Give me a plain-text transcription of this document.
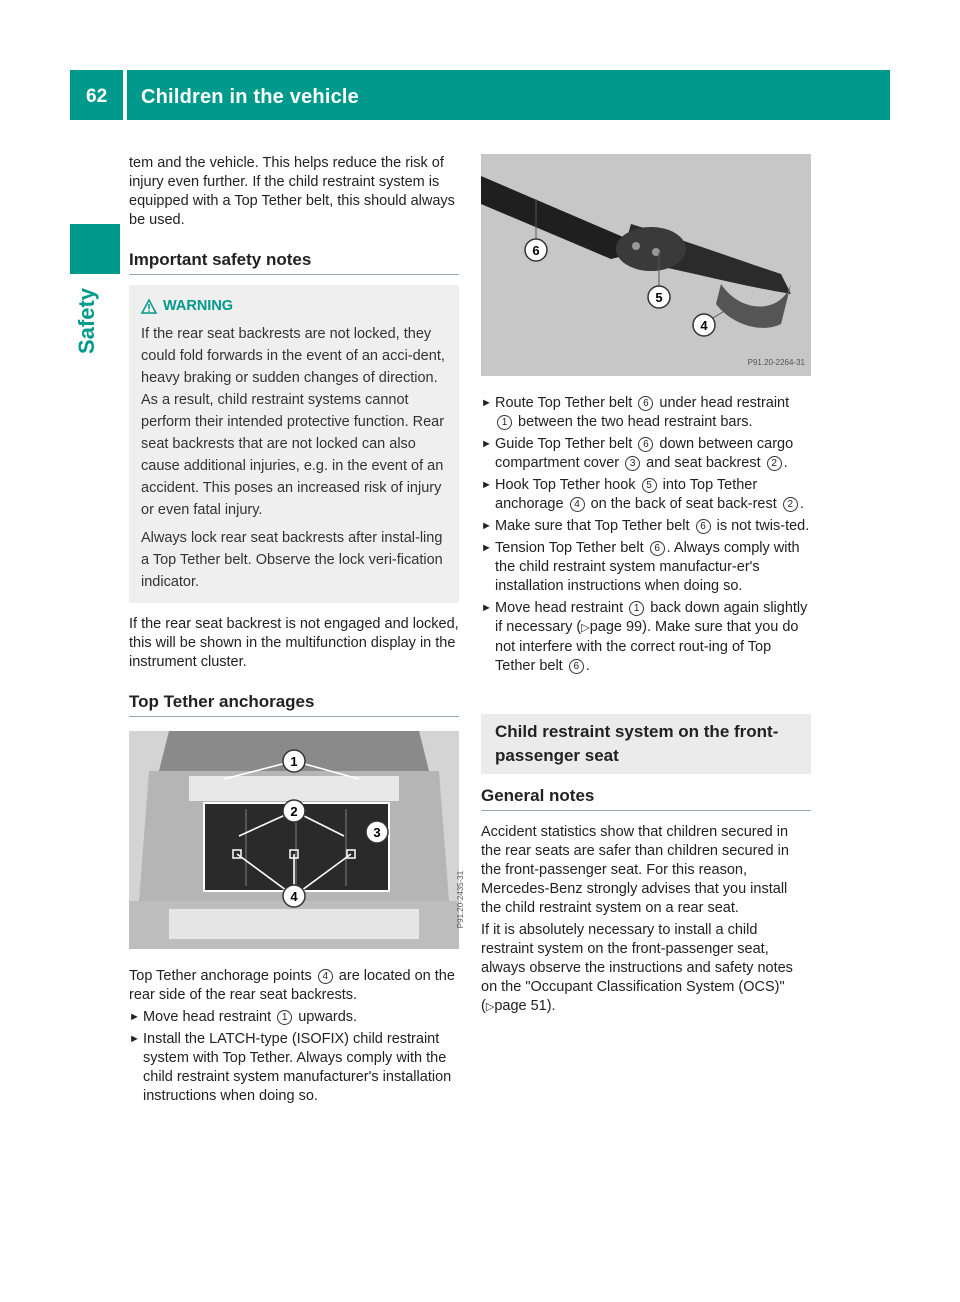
62 Children in the vehicle
Safety

tem and the vehicle. This helps reduce the risk of injury even further. If the child restraint system is equipped with a Top Tether belt, this should always be used.

Important safety notes
WARNING

If the rear seat backrests are not locked, they could fold forwards in the event of an acci-dent, heavy braking or sudden changes of direction. As a result, child restraint systems cannot perform their intended protective function. Rear seat backrests that are not locked can also cause additional injuries, e.g. in the event of an accident. This poses an increased risk of injury or even fatal injury.

Always lock rear seat backrests after instal-ling a Top Tether belt. Observe the lock veri-fication indicator.

If the rear seat backrest is not engaged and locked, this will be shown in the multifunction display in the instrument cluster.

Top Tether anchorages
1
2
3
4	P91.20-2435-31

Top Tether anchorage points 4 are located on the rear side of the rear seat backrests.

► Move head restraint 1 upwards.
► Install the LATCH-type (ISOFIX) child restraint system with Top Tether. Always comply with the child restraint system manufacturer's installation instructions when doing so.
6
5
4
P91.20-2264-31
► Route Top Tether belt 6 under head restraint 1 between the two head restraint bars.
► Guide Top Tether belt 6 down between cargo compartment cover 3 and seat backrest 2 .
► Hook Top Tether hook 5 into Top Tether anchorage 4 on the back of seat back-rest 2 .
► Make sure that Top Tether belt 6 is not twis-ted.
► Tension Top Tether belt 6 . Always comply with the child restraint system manufactur-er's installation instructions when doing so.
► Move head restraint 1 back down again slightly if necessary (▷page 99). Make sure that you do not interfere with the correct rout-ing of Top Tether belt 6 .
Child restraint system on the front-passenger seat
General notes

Accident statistics show that children secured in the rear seats are safer than children secured in the front-passenger seat. For this reason, Mercedes-Benz strongly advises that you install the child restraint system on a rear seat.

If it is absolutely necessary to install a child restraint system on the front-passenger seat, always observe the instructions and safety notes on the "Occupant Classification System (OCS)" (▷page 51).
